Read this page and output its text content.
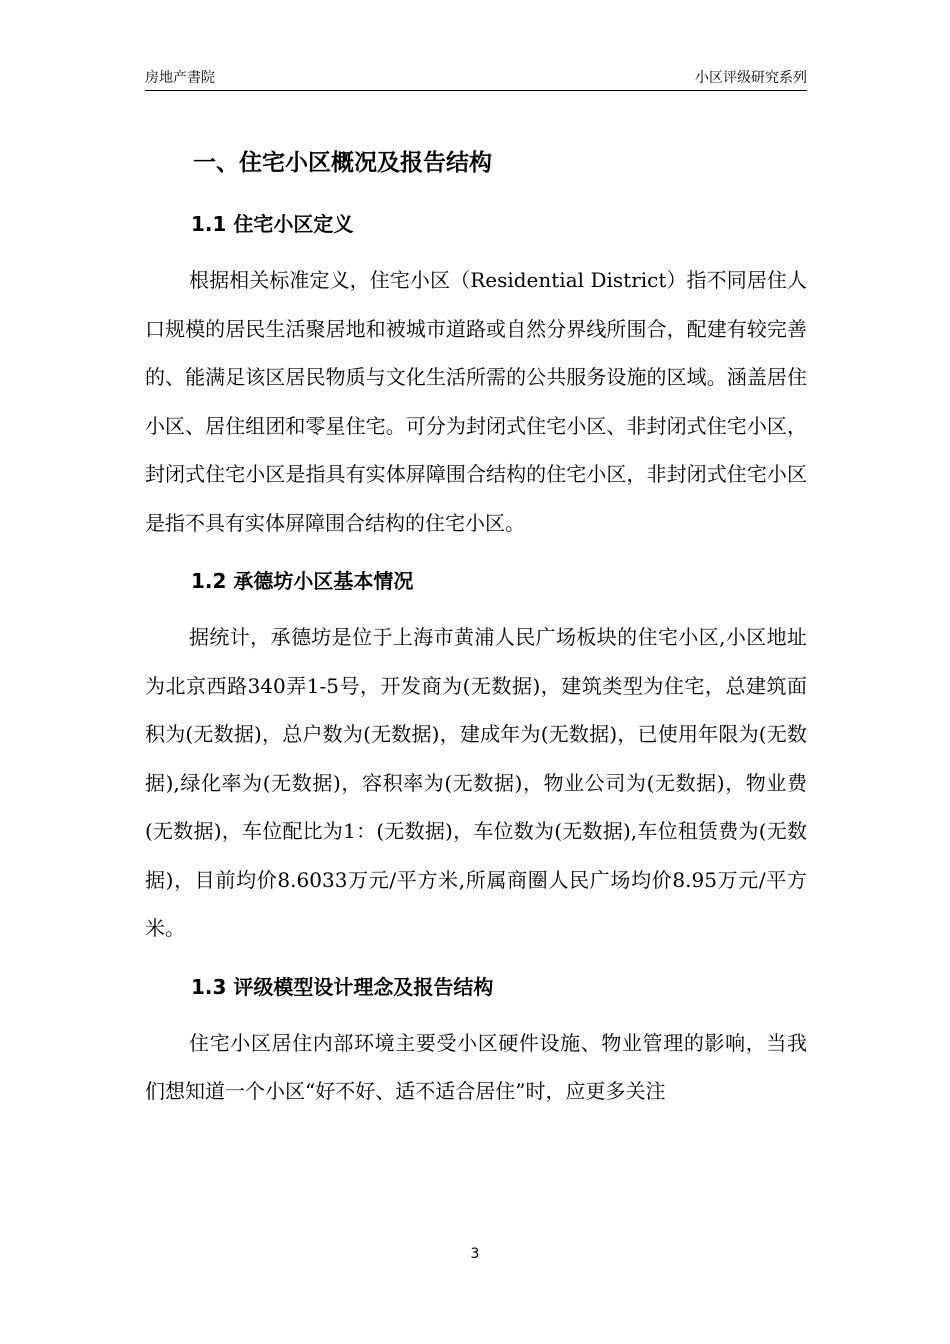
房地产書院	小区评级研究系列
一、住宅小区概况及报告结构
1.1 住宅小区定义

根据相关标准定义，住宅小区（Residential District）指不同居住人口规模的居民生活聚居地和被城市道路或自然分界线所围合，配建有较完善的、能满足该区居民物质与文化生活所需的公共服务设施的区域。涵盖居住小区、居住组团和零星住宅。可分为封闭式住宅小区、非封闭式住宅小区，封闭式住宅小区是指具有实体屏障围合结构的住宅小区，非封闭式住宅小区是指不具有实体屏障围合结构的住宅小区。

1.2 承德坊小区基本情况

据统计，承德坊是位于上海市黄浦人民广场板块的住宅小区,小区地址为北京西路340弄1-5号，开发商为(无数据)，建筑类型为住宅，总建筑面积为(无数据)，总户数为(无数据)，建成年为(无数据)，已使用年限为(无数据),绿化率为(无数据)，容积率为(无数据)，物业公司为(无数据)，物业费(无数据)，车位配比为1：(无数据)，车位数为(无数据),车位租赁费为(无数据)，目前均价8.6033万元/平方米,所属商圈人民广场均价8.95万元/平方米。

1.3 评级模型设计理念及报告结构

住宅小区居住内部环境主要受小区硬件设施、物业管理的影响，当我们想知道一个小区“好不好、适不适合居住”时，应更多关注

3
